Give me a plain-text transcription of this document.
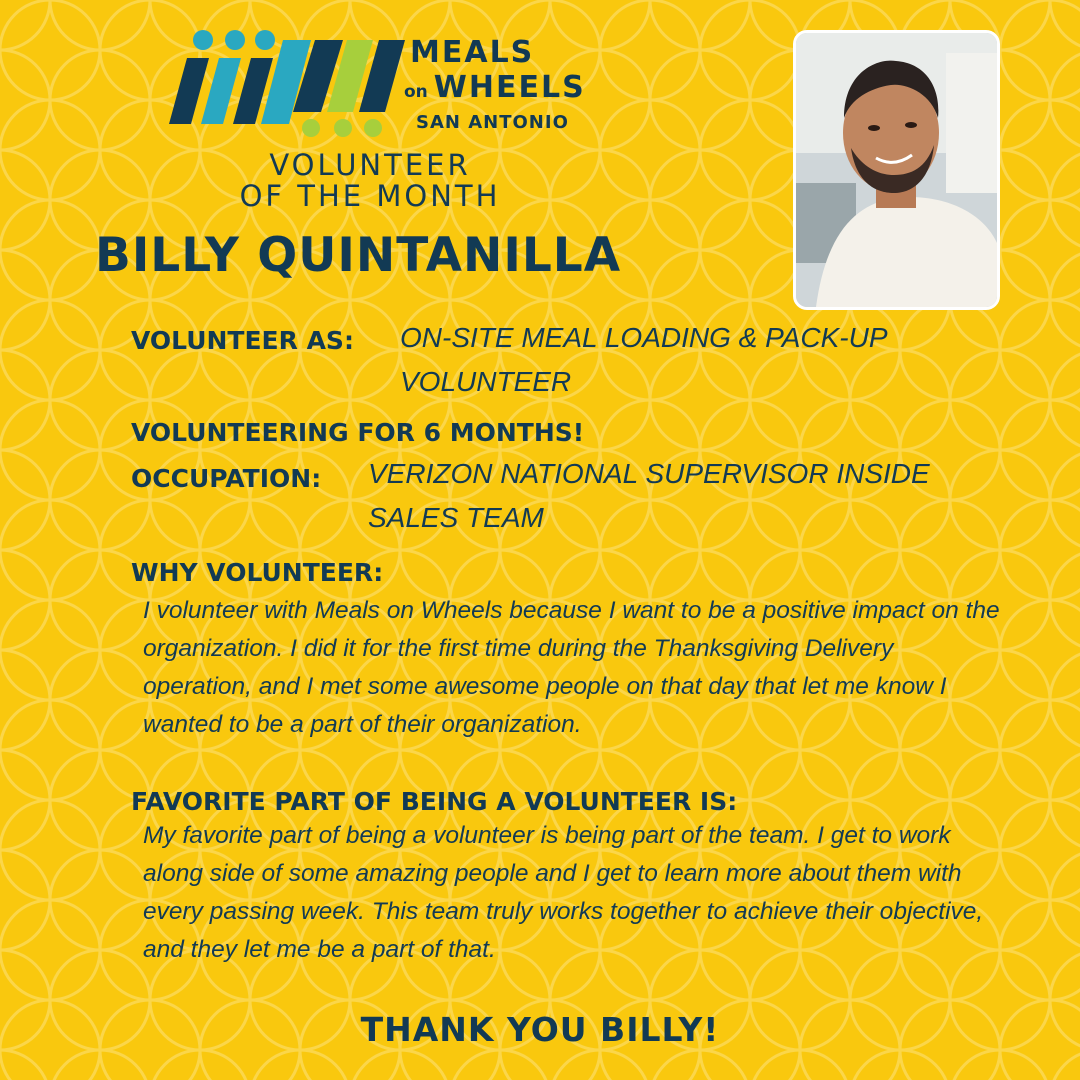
MEALS
on WHEELS
SAN ANTONIO
VOLUNTEER
OF THE MONTH
BILLY QUINTANILLA
VOLUNTEER AS: ON-SITE MEAL LOADING & PACK-UP VOLUNTEER
VOLUNTEERING FOR 6 MONTHS!
OCCUPATION: VERIZON NATIONAL SUPERVISOR INSIDE SALES TEAM
WHY VOLUNTEER:
I volunteer with Meals on Wheels because I want to be a positive impact on the organization. I did it for the first time during the Thanksgiving Delivery operation, and I met some awesome people on that day that let me know I wanted to be a part of their organization.
FAVORITE PART OF BEING A VOLUNTEER IS:
My favorite part of being a volunteer is being part of the team. I get to work along side of some amazing people and I get to learn more about them with every passing week. This team truly works together to achieve their objective, and they let me be a part of that.
THANK YOU BILLY!
